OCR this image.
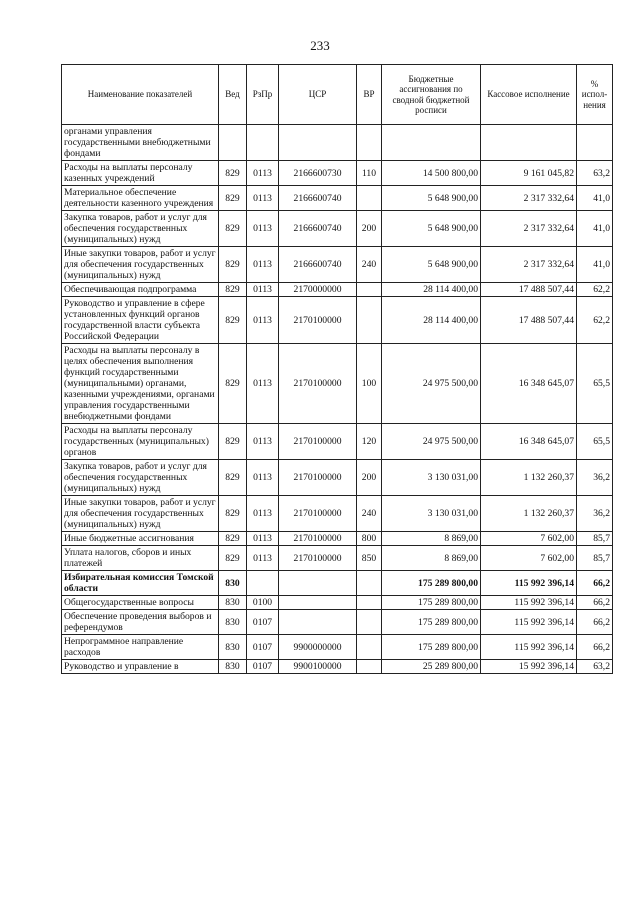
233
Наименование показателей	Вед	РзПр	ЦСР	ВР	Бюджетные ассигнования по сводной бюджетной росписи	Кассовое исполнение	% испол-нения
органами управления государственными внебюджетными фондами							
Расходы на выплаты персоналу казенных учреждений	829	0113	2166600730	110	14 500 800,00	9 161 045,82	63,2
Материальное обеспечение деятельности казенного учреждения	829	0113	2166600740		5 648 900,00	2 317 332,64	41,0
Закупка товаров, работ и услуг для обеспечения государственных (муниципальных) нужд	829	0113	2166600740	200	5 648 900,00	2 317 332,64	41,0
Иные закупки товаров, работ и услуг для обеспечения государственных (муниципальных) нужд	829	0113	2166600740	240	5 648 900,00	2 317 332,64	41,0
Обеспечивающая подпрограмма	829	0113	2170000000		28 114 400,00	17 488 507,44	62,2
Руководство и управление в сфере установленных функций органов государственной власти субъекта Российской Федерации	829	0113	2170100000		28 114 400,00	17 488 507,44	62,2
Расходы на выплаты персоналу в целях обеспечения выполнения функций государственными (муниципальными) органами, казенными учреждениями, органами управления государственными внебюджетными фондами	829	0113	2170100000	100	24 975 500,00	16 348 645,07	65,5
Расходы на выплаты персоналу государственных (муниципальных) органов	829	0113	2170100000	120	24 975 500,00	16 348 645,07	65,5
Закупка товаров, работ и услуг для обеспечения государственных (муниципальных) нужд	829	0113	2170100000	200	3 130 031,00	1 132 260,37	36,2
Иные закупки товаров, работ и услуг для обеспечения государственных (муниципальных) нужд	829	0113	2170100000	240	3 130 031,00	1 132 260,37	36,2
Иные бюджетные ассигнования	829	0113	2170100000	800	8 869,00	7 602,00	85,7
Уплата налогов, сборов и иных платежей	829	0113	2170100000	850	8 869,00	7 602,00	85,7
Избирательная комиссия Томской области	830				175 289 800,00	115 992 396,14	66,2
Общегосударственные вопросы	830	0100			175 289 800,00	115 992 396,14	66,2
Обеспечение проведения выборов и референдумов	830	0107			175 289 800,00	115 992 396,14	66,2
Непрограммное направление расходов	830	0107	9900000000		175 289 800,00	115 992 396,14	66,2
Руководство и управление в	830	0107	9900100000		25 289 800,00	15 992 396,14	63,2
